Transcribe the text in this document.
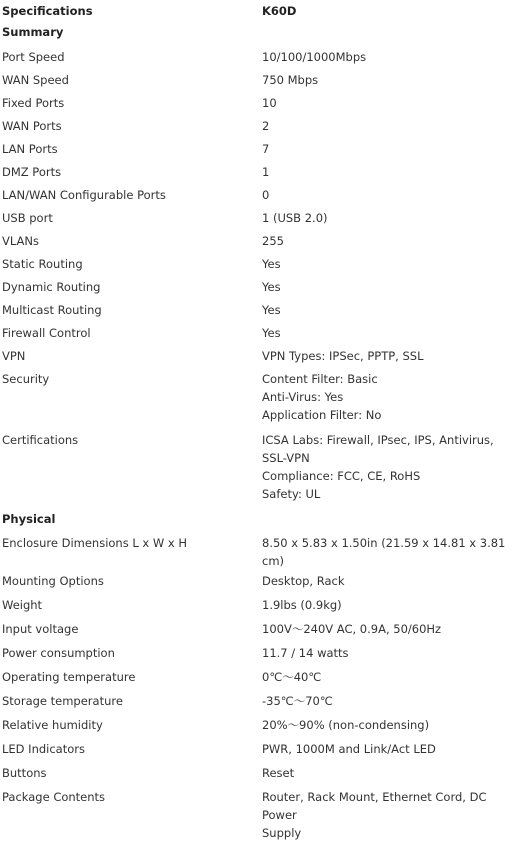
Specifications	K60D
Summary	
Port Speed	10/100/1000Mbps

WAN Speed	750 Mbps

Fixed Ports	10

WAN Ports	2

LAN Ports	7

DMZ Ports	1

LAN/WAN Configurable Ports	0

USB port	1 (USB 2.0)

VLANs	255

Static Routing	Yes

Dynamic Routing	Yes

Multicast Routing	Yes

Firewall Control	Yes

VPN	VPN Types: IPSec, PPTP, SSL

Security	Content Filter: Basic
Anti-Virus: Yes
Application Filter: No

Certifications	ICSA Labs: Firewall, IPsec, IPS, Antivirus, SSL-VPN
Compliance: FCC, CE, RoHS
Safety: UL

Physical	
Enclosure Dimensions L x W x H	8.50 x 5.83 x 1.50in (21.59 x 14.81 x 3.81 cm)

Mounting Options	Desktop, Rack

Weight	1.9lbs (0.9kg)

Input voltage	100V～240V AC, 0.9A, 50/60Hz

Power consumption	11.7 / 14 watts

Operating temperature	0℃～40℃

Storage temperature	-35℃～70℃

Relative humidity	20%～90% (non-condensing)

LED Indicators	PWR, 1000M and Link/Act LED

Buttons	Reset

Package Contents	Router, Rack Mount, Ethernet Cord, DC Power
Supply
